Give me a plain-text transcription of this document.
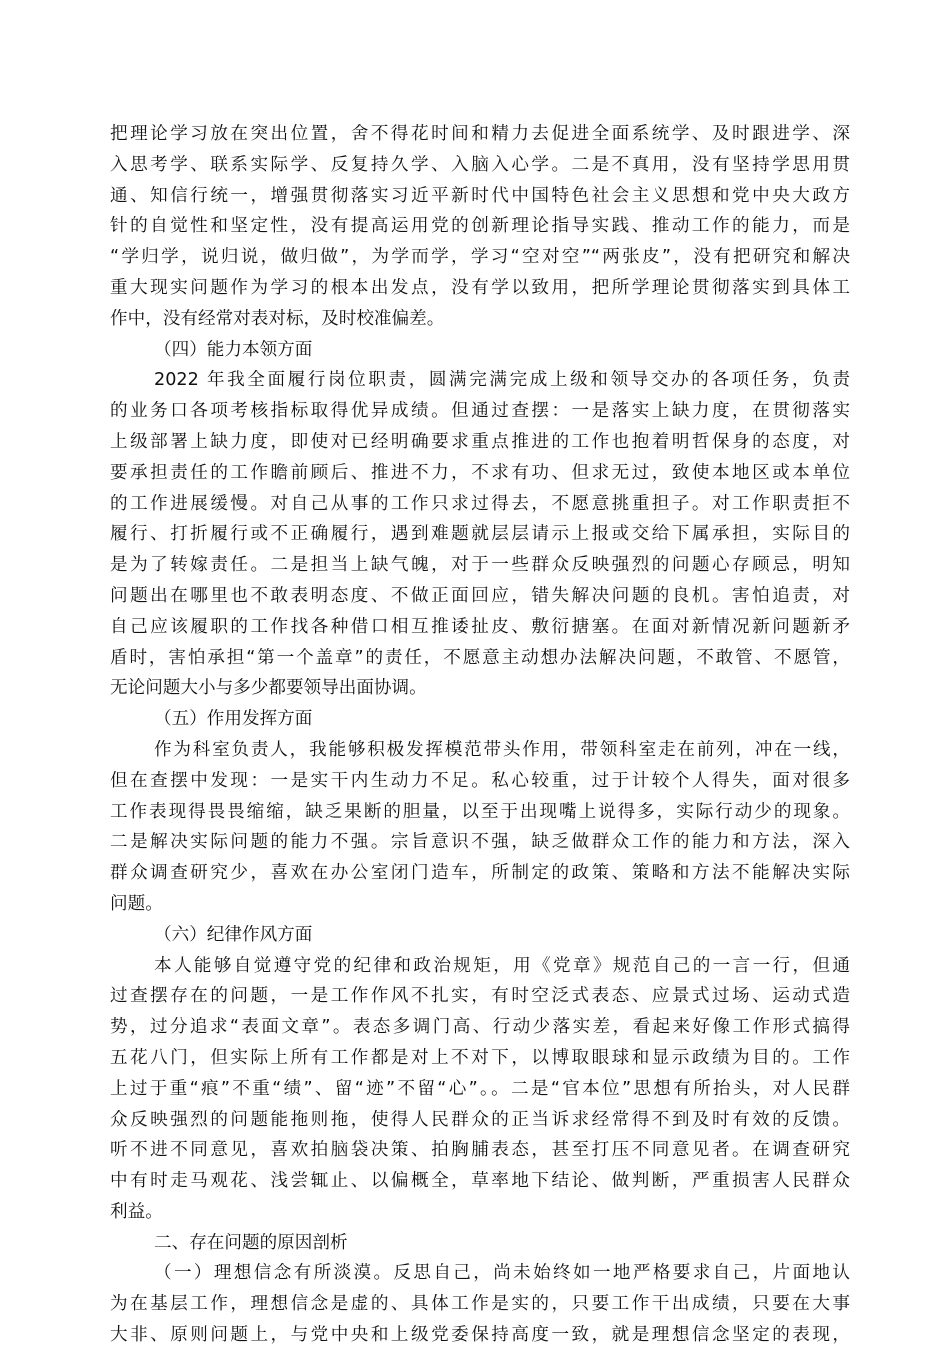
把理论学习放在突出位置，舍不得花时间和精力去促进全面系统学、及时跟进学、深
入思考学、联系实际学、反复持久学、入脑入心学。二是不真用，没有坚持学思用贯
通、知信行统一，增强贯彻落实习近平新时代中国特色社会主义思想和党中央大政方
针的自觉性和坚定性，没有提高运用党的创新理论指导实践、推动工作的能力，而是
“学归学，说归说，做归做”，为学而学，学习“空对空”“两张皮”，没有把研究和解决
重大现实问题作为学习的根本出发点，没有学以致用，把所学理论贯彻落实到具体工
作中，没有经常对表对标，及时校准偏差。
（四）能力本领方面
2022 年我全面履行岗位职责，圆满完满完成上级和领导交办的各项任务，负责
的业务口各项考核指标取得优异成绩。但通过查摆：一是落实上缺力度，在贯彻落实
上级部署上缺力度，即使对已经明确要求重点推进的工作也抱着明哲保身的态度，对
要承担责任的工作瞻前顾后、推进不力，不求有功、但求无过，致使本地区或本单位
的工作进展缓慢。对自己从事的工作只求过得去，不愿意挑重担子。对工作职责拒不
履行、打折履行或不正确履行，遇到难题就层层请示上报或交给下属承担，实际目的
是为了转嫁责任。二是担当上缺气魄，对于一些群众反映强烈的问题心存顾忌，明知
问题出在哪里也不敢表明态度、不做正面回应，错失解决问题的良机。害怕追责，对
自己应该履职的工作找各种借口相互推诿扯皮、敷衍搪塞。在面对新情况新问题新矛
盾时，害怕承担“第一个盖章”的责任，不愿意主动想办法解决问题，不敢管、不愿管，
无论问题大小与多少都要领导出面协调。
（五）作用发挥方面
作为科室负责人，我能够积极发挥模范带头作用，带领科室走在前列，冲在一线，
但在查摆中发现：一是实干内生动力不足。私心较重，过于计较个人得失，面对很多
工作表现得畏畏缩缩，缺乏果断的胆量，以至于出现嘴上说得多，实际行动少的现象。
二是解决实际问题的能力不强。宗旨意识不强，缺乏做群众工作的能力和方法，深入
群众调查研究少，喜欢在办公室闭门造车，所制定的政策、策略和方法不能解决实际
问题。
（六）纪律作风方面
本人能够自觉遵守党的纪律和政治规矩，用《党章》规范自己的一言一行，但通
过查摆存在的问题，一是工作作风不扎实，有时空泛式表态、应景式过场、运动式造
势，过分追求“表面文章”。表态多调门高、行动少落实差，看起来好像工作形式搞得
五花八门，但实际上所有工作都是对上不对下，以博取眼球和显示政绩为目的。工作
上过于重“痕”不重“绩”、留“迹”不留“心”。。二是“官本位”思想有所抬头，对人民群
众反映强烈的问题能拖则拖，使得人民群众的正当诉求经常得不到及时有效的反馈。
听不进不同意见，喜欢拍脑袋决策、拍胸脯表态，甚至打压不同意见者。在调查研究
中有时走马观花、浅尝辄止、以偏概全，草率地下结论、做判断，严重损害人民群众
利益。
二、存在问题的原因剖析
（一）理想信念有所淡漠。反思自己，尚未始终如一地严格要求自己，片面地认
为在基层工作，理想信念是虚的、具体工作是实的，只要工作干出成绩，只要在大事
大非、原则问题上，与党中央和上级党委保持高度一致，就是理想信念坚定的表现，
